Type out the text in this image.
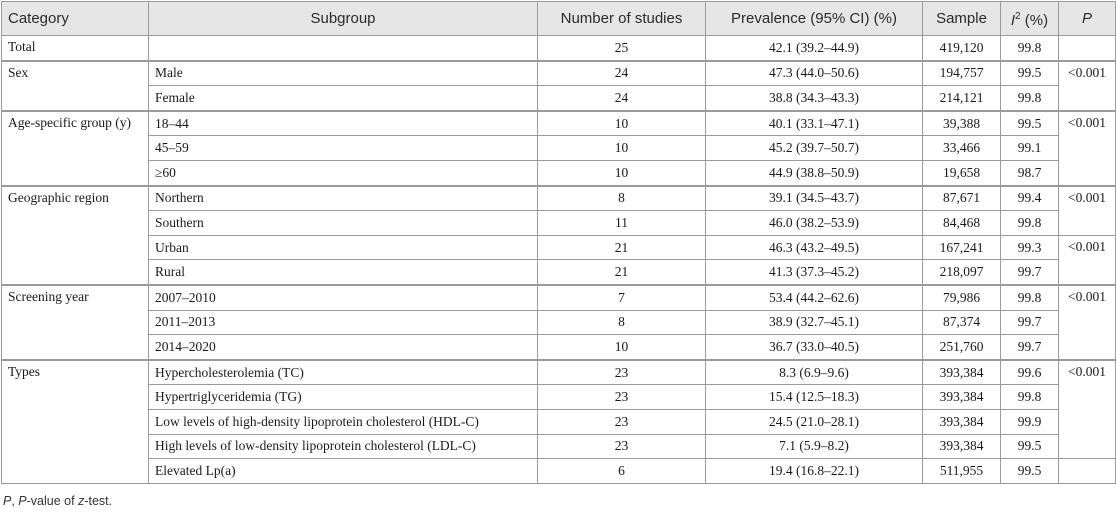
Category	Subgroup	Number of studies	Prevalence (95% CI) (%)	Sample	$I^2$ (%)	P
Total		25	42.1 (39.2–44.9)	419,120	99.8	
Sex	Male	24	47.3 (44.0–50.6)	194,757	99.5	<0.001
	Female	24	38.8 (34.3–43.3)	214,121	99.8	
Age-specific group (y)	18–44	10	40.1 (33.1–47.1)	39,388	99.5	<0.001
	45–59	10	45.2 (39.7–50.7)	33,466	99.1	
	≥60	10	44.9 (38.8–50.9)	19,658	98.7	
Geographic region	Northern	8	39.1 (34.5–43.7)	87,671	99.4	<0.001
	Southern	11	46.0 (38.2–53.9)	84,468	99.8	
	Urban	21	46.3 (43.2–49.5)	167,241	99.3	<0.001
	Rural	21	41.3 (37.3–45.2)	218,097	99.7	
Screening year	2007–2010	7	53.4 (44.2–62.6)	79,986	99.8	<0.001
	2011–2013	8	38.9 (32.7–45.1)	87,374	99.7	
	2014–2020	10	36.7 (33.0–40.5)	251,760	99.7	
Types	Hypercholesterolemia (TC)	23	8.3 (6.9–9.6)	393,384	99.6	<0.001
	Hypertriglyceridemia (TG)	23	15.4 (12.5–18.3)	393,384	99.8	
	Low levels of high-density lipoprotein cholesterol (HDL-C)	23	24.5 (21.0–28.1)	393,384	99.9	
	High levels of low-density lipoprotein cholesterol (LDL-C)	23	7.1 (5.9–8.2)	393,384	99.5	
	Elevated Lp(a)	6	19.4 (16.8–22.1)	511,955	99.5	
P, P-value of z-test.
